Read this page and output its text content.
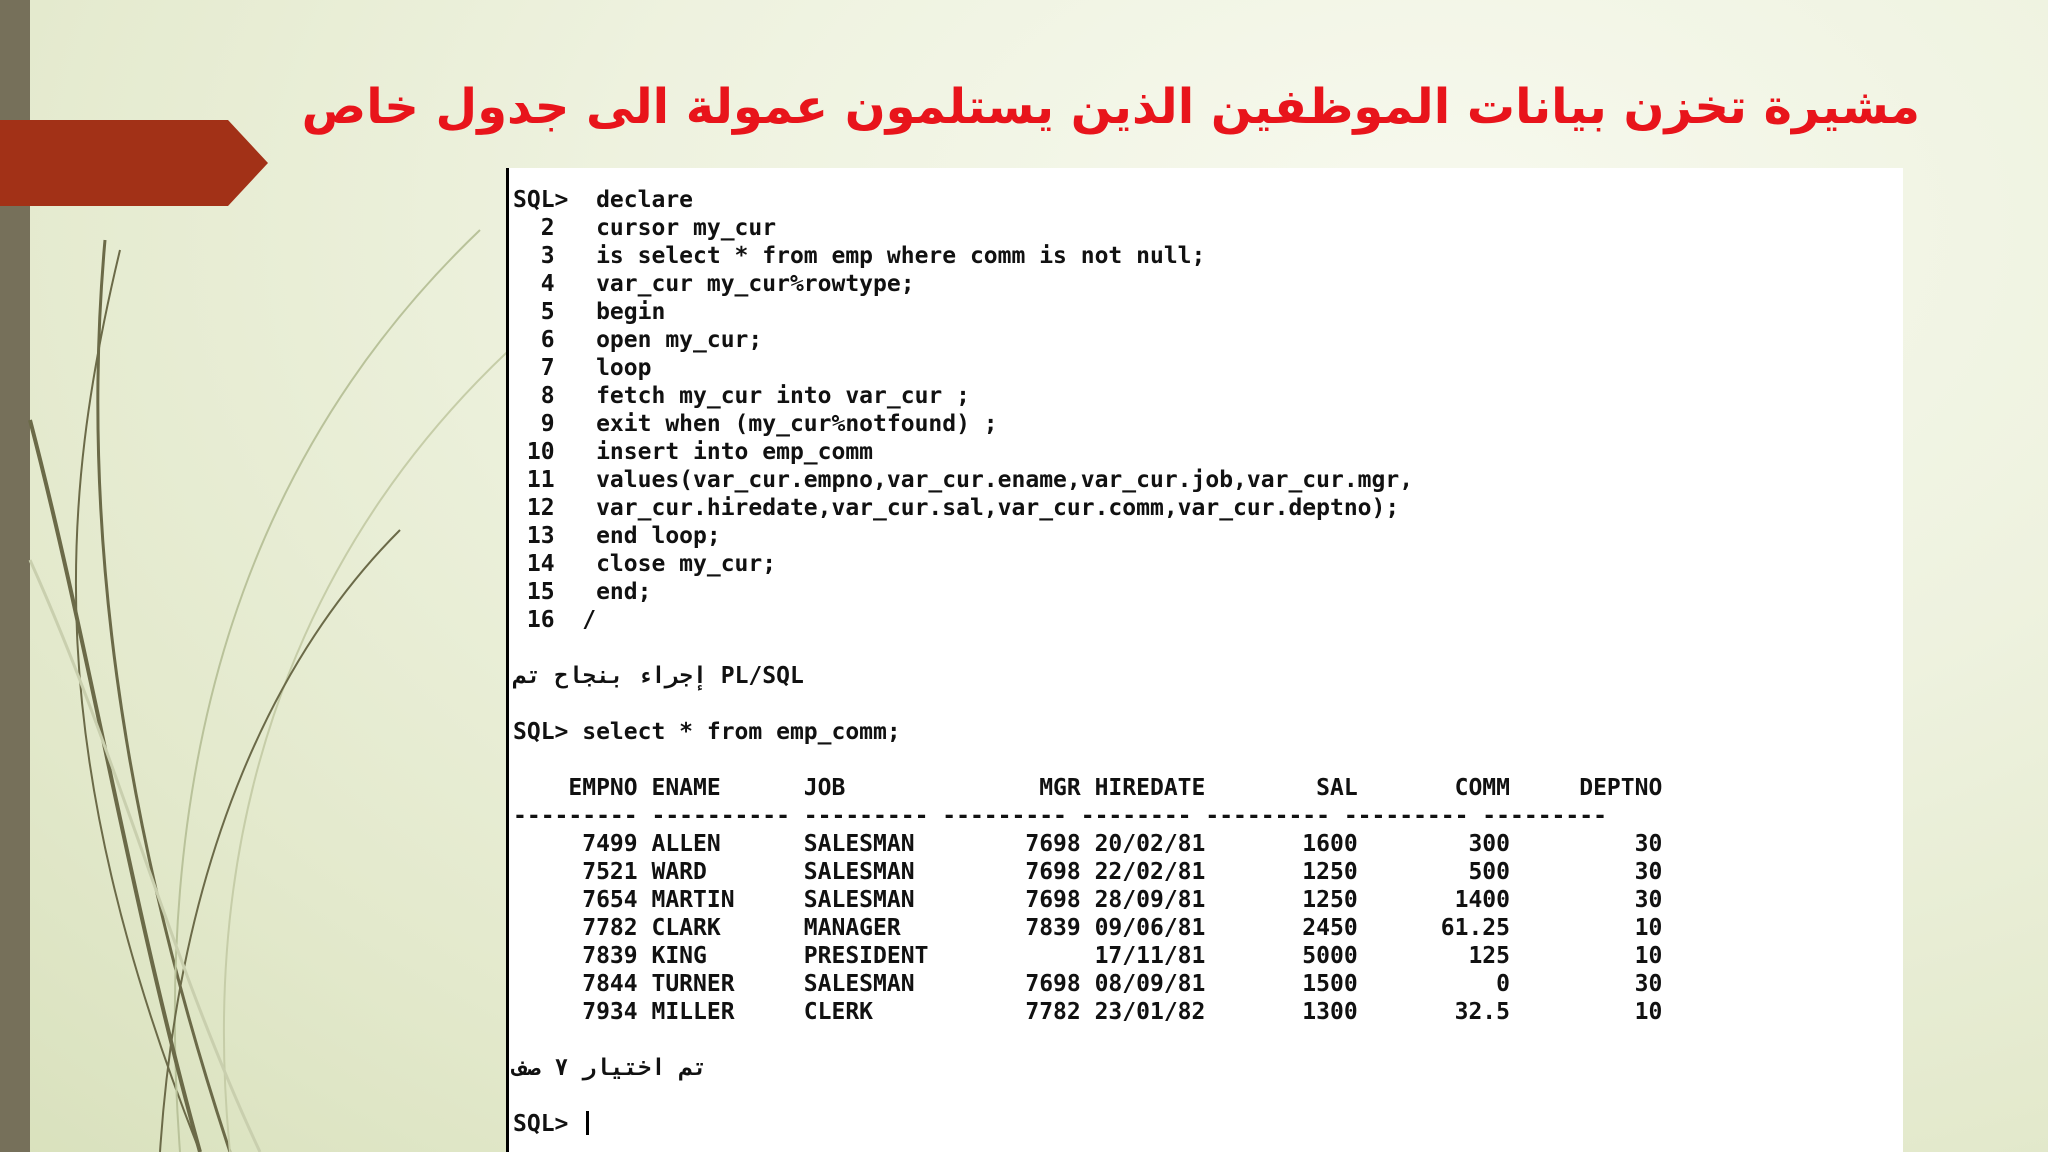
مشيرة تخزن بيانات الموظفين الذين يستلمون عمولة الى جدول خاص
SQL>  declare
2   cursor my_cur
3   is select * from emp where comm is not null;
4   var_cur my_cur%rowtype;
5   begin
6   open my_cur;
7   loop
8   fetch my_cur into var_cur ;
9   exit when (my_cur%notfound) ;
10   insert into emp_comm
11   values(var_cur.empno,var_cur.ename,var_cur.job,var_cur.mgr,
12   var_cur.hiredate,var_cur.sal,var_cur.comm,var_cur.deptno);
13   end loop;
14   close my_cur;
15   end;
16  /
إجراء بنجاح تم PL/SQL
SQL> select * from emp_comm;
EMPNO ENAME      JOB              MGR HIREDATE        SAL       COMM     DEPTNO
--------- ---------- --------- --------- -------- --------- --------- ---------
7499 ALLEN      SALESMAN        7698 20/02/81       1600        300         30
7521 WARD       SALESMAN        7698 22/02/81       1250        500         30
7654 MARTIN     SALESMAN        7698 28/09/81       1250       1400         30
7782 CLARK      MANAGER         7839 09/06/81       2450      61.25         10
7839 KING       PRESIDENT            17/11/81       5000        125         10
7844 TURNER     SALESMAN        7698 08/09/81       1500          0         30
7934 MILLER     CLERK           7782 23/01/82       1300       32.5         10
تم اختيار ٧ صف
SQL>
